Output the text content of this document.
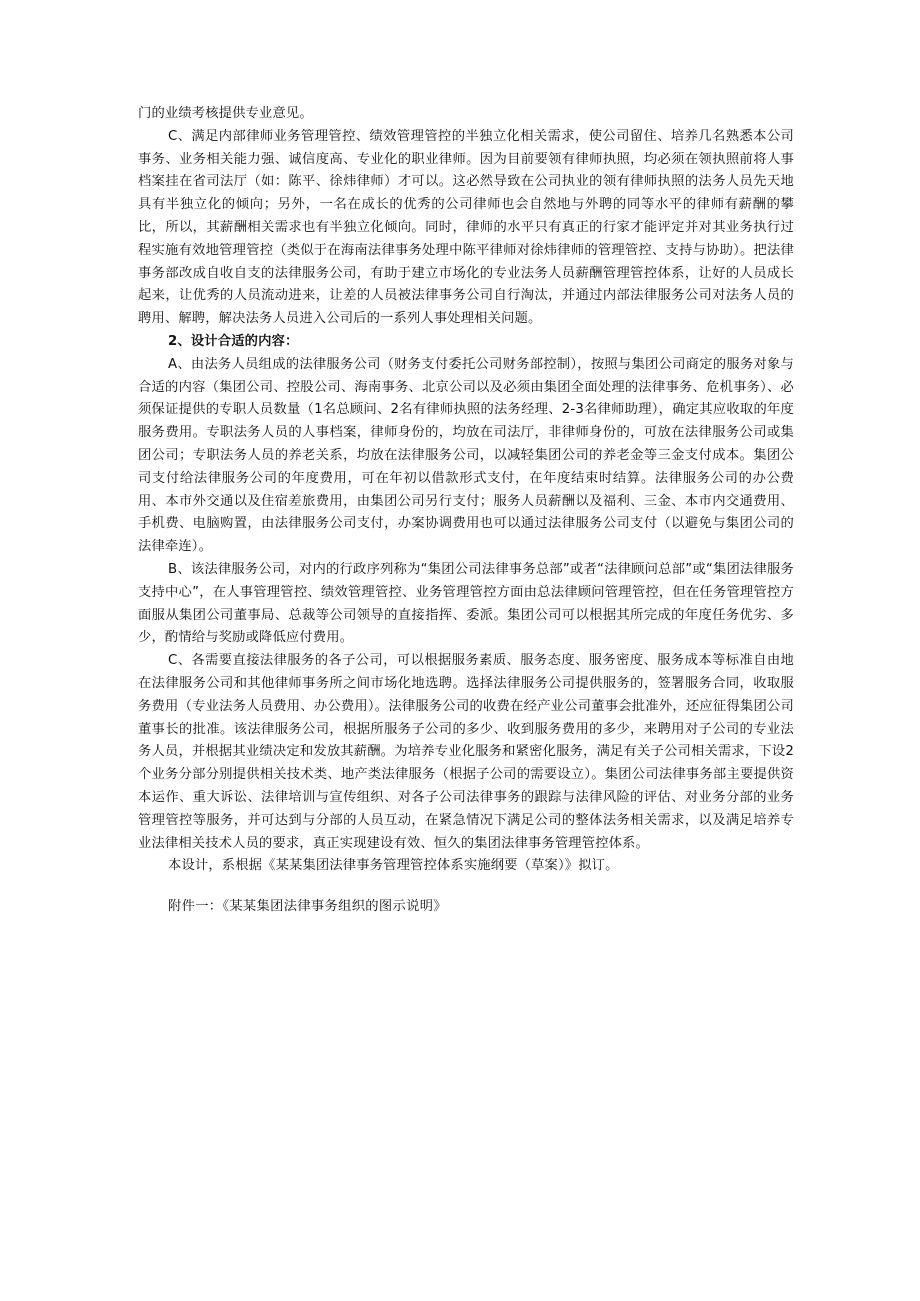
门的业绩考核提供专业意见。

C、满足内部律师业务管理管控、绩效管理管控的半独立化相关需求，使公司留住、培养几名熟悉本公司事务、业务相关能力强、诚信度高、专业化的职业律师。因为目前要领有律师执照，均必须在领执照前将人事档案挂在省司法厅（如：陈平、徐炜律师）才可以。这必然导致在公司执业的领有律师执照的法务人员先天地具有半独立化的倾向；另外，一名在成长的优秀的公司律师也会自然地与外聘的同等水平的律师有薪酬的攀比，所以，其薪酬相关需求也有半独立化倾向。同时，律师的水平只有真正的行家才能评定并对其业务执行过程实施有效地管理管控（类似于在海南法律事务处理中陈平律师对徐炜律师的管理管控、支持与协助）。把法律事务部改成自收自支的法律服务公司，有助于建立市场化的专业法务人员薪酬管理管控体系，让好的人员成长起来，让优秀的人员流动进来，让差的人员被法律事务公司自行淘汰，并通过内部法律服务公司对法务人员的聘用、解聘，解决法务人员进入公司后的一系列人事处理相关问题。

2、设计合适的内容：

A、由法务人员组成的法律服务公司（财务支付委托公司财务部控制），按照与集团公司商定的服务对象与合适的内容（集团公司、控股公司、海南事务、北京公司以及必须由集团全面处理的法律事务、危机事务）、必须保证提供的专职人员数量（1名总顾问、2名有律师执照的法务经理、2-3名律师助理），确定其应收取的年度服务费用。专职法务人员的人事档案，律师身份的，均放在司法厅，非律师身份的，可放在法律服务公司或集团公司；专职法务人员的养老关系，均放在法律服务公司，以减轻集团公司的养老金等三金支付成本。集团公司支付给法律服务公司的年度费用，可在年初以借款形式支付，在年度结束时结算。法律服务公司的办公费用、本市外交通以及住宿差旅费用，由集团公司另行支付；服务人员薪酬以及福利、三金、本市内交通费用、手机费、电脑购置，由法律服务公司支付，办案协调费用也可以通过法律服务公司支付（以避免与集团公司的法律牵连）。

B、该法律服务公司，对内的行政序列称为“集团公司法律事务总部”或者“法律顾问总部”或“集团法律服务支持中心”，在人事管理管控、绩效管理管控、业务管理管控方面由总法律顾问管理管控，但在任务管理管控方面服从集团公司董事局、总裁等公司领导的直接指挥、委派。集团公司可以根据其所完成的年度任务优劣、多少，酌情给与奖励或降低应付费用。

C、各需要直接法律服务的各子公司，可以根据服务素质、服务态度、服务密度、服务成本等标准自由地在法律服务公司和其他律师事务所之间市场化地选聘。选择法律服务公司提供服务的，签署服务合同，收取服务费用（专业法务人员费用、办公费用）。法律服务公司的收费在经产业公司董事会批准外，还应征得集团公司董事长的批准。该法律服务公司，根据所服务子公司的多少、收到服务费用的多少，来聘用对子公司的专业法务人员，并根据其业绩决定和发放其薪酬。为培养专业化服务和紧密化服务，满足有关子公司相关需求，下设2个业务分部分别提供相关技术类、地产类法律服务（根据子公司的需要设立）。集团公司法律事务部主要提供资本运作、重大诉讼、法律培训与宣传组织、对各子公司法律事务的跟踪与法律风险的评估、对业务分部的业务管理管控等服务，并可达到与分部的人员互动，在紧急情况下满足公司的整体法务相关需求，以及满足培养专业法律相关技术人员的要求，真正实现建设有效、恒久的集团法律事务管理管控体系。

本设计，系根据《某某集团法律事务管理管控体系实施纲要（草案）》拟订。

附件一：《某某集团法律事务组织的图示说明》
